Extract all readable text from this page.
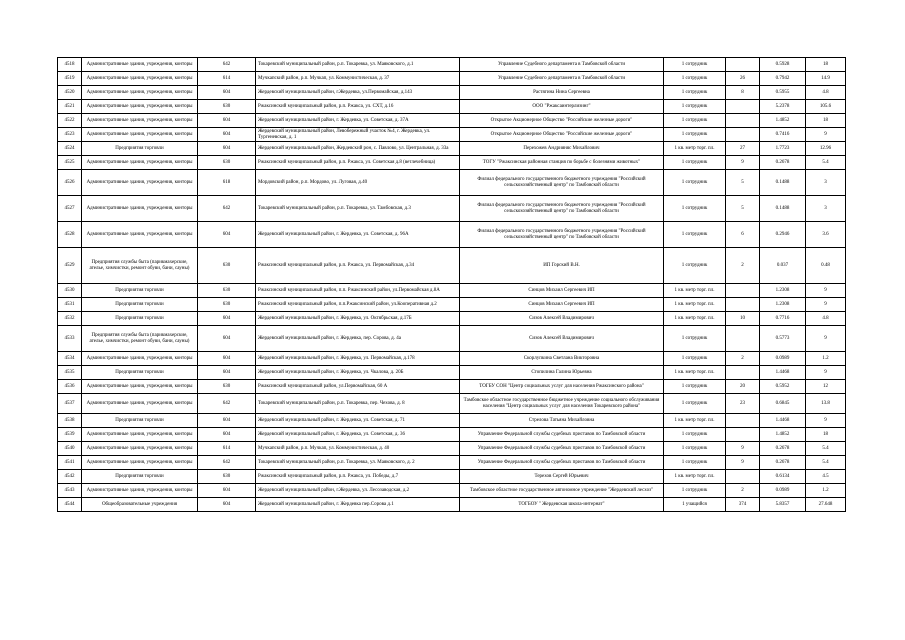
4518	Административные здания, учреждения, конторы	642	Токаревский муниципальный район, р.п. Токаревка, ул. Маяковского, д.1	Управление Судебного департамента в Тамбовской области	1 сотрудник		0.5928	18
4519	Административные здания, учреждения, конторы	614	Мучкапский район, р.п. Мучкап, ул. Коммунистическая, д. 37	Управление Судебного департамента в Тамбовской области	1 сотрудник	26	0.7942	14.9
4520	Административные здания, учреждения, конторы	604	Жердевский муниципальный район, г.Жердевка, ул.Первомайская, д.143	Растягина Нина Сергеевна	1 сотрудник	8	0.5955	4.8
4521	Административные здания, учреждения, конторы	630	Ржаксинский муниципальный район, р.п. Ржакса, ул. СХТ, д.16	ООО "Ржаксаинтерлизинг"	1 сотрудник		5.2378	105.6
4522	Административные здания, учреждения, конторы	604	Жердевский муниципальный район, г. Жердевка, ул. Советская, д. 37А	Открытое Акционерное Общество "Российские железные дороги"	1 сотрудник		1.4852	18
4523	Административные здания, учреждения, конторы	604	Жердевский муниципальный район, Левобережный участок №4, г. Жердевка, ул. Тургеневская, д. 1	Открытое Акционерное Общество "Российские железные дороги"	1 сотрудник		0.7416	9
4524	Предприятия торговли	604	Жердевский муниципальный район, Жердевский рон, с. Павлово, ул. Центральная, д. 33а	Перехожев Андрияняс Михайлович	1 кв. метр торг. пл.	27	1.7723	12.96
4525	Административные здания, учреждения, конторы	630	Ржаксинский муниципальный район, р.п. Ржакса, ул. Советская д.8 (ветлечебница)	ТОГУ "Ржаксинская районная станция по борьбе с болезнями животных"	1 сотрудник	9	0.2678	5.4
4526	Административные здания, учреждения, конторы	618	Мордовский район, р.п. Мордово, ул. Луговая, д.40	Филиал федерального государственного бюджетного учреждения "Российский сельскохозяйственный центр" по Тамбовской области	1 сотрудник	5	0.1488	3
4527	Административные здания, учреждения, конторы	642	Токаревский муниципальный район, р.п. Токаревка, ул. Тамбовская, д.3	Филиал федерального государственного бюджетного учреждения "Российский сельскохозяйственный центр" по Тамбовской области	1 сотрудник	5	0.1488	3
4528	Административные здания, учреждения, конторы	604	Жердевский муниципальный район, г. Жердевка, ул. Советская, д. 96А	Филиал федерального государственного бюджетного учреждения "Российский сельскохозяйственный центр" по Тамбовской области	1 сотрудник	6	0.2946	3.6
4529	Предприятия службы быта (парикмахерские, ателье, химчистки, ремонт обуви, бани, сауны)	630	Ржаксинский муниципальный район, р.п. Ржакса, ул. Первомайская, д.34	ИП Горский В.Н.	1 сотрудник	2	0.037	0.48
4530	Предприятия торговли	630	Ржаксинский муниципальный район, п.п. Ржаксинский район, ул.Первомайская д.8А	Синцов Михаил Сергеевич ИП	1 кв. метр торг. пл.		1.2308	9
4531	Предприятия торговли	630	Ржаксинский муниципальный район, п.п.Ржаксинский район, ул.Кооперативная д.2	Синцов Михаил Сергеевич ИП	1 кв. метр торг. пл.		1.2308	9
4532	Предприятия торговли	604	Жердевский муниципальный район, г. Жердевка, ул. Октябрьская, д.17Б	Сизов Алексей Владимирович	1 кв. метр торг. пл.	10	0.7716	4.8
4533	Предприятия службы быта (парикмахерские, ателье, химчистки, ремонт обуви, бани, сауны)	604	Жердевский муниципальный район, г. Жердевка, пер. Сорова, д. 4а	Сизов Алексей Владимирович	1 сотрудник		0.5773	9
4534	Административные здания, учреждения, конторы	604	Жердевский муниципальный район, г. Жердевка, ул. Первомайская, д.178	Скорлупкина Светлана Викторовна	1 сотрудник	2	0.0989	1.2
4535	Предприятия торговли	604	Жердевский муниципальный район, г. Жердевка, ул. Чкалова, д. 20Б	Стопилина Галина Юрьевна	1 кв. метр торг. пл.		1.4468	9
4536	Административные здания, учреждения, конторы	630	Ржаксинский муниципальный район, ул.Первомайская, 60 А	ТОГБУ СОН "Центр социальных услуг для населения Ржаксинского района"	1 сотрудник	20	0.5952	12
4537	Административные здания, учреждения, конторы	642	Токаревский муниципальный район, р.п. Токаревка, пер. Чехова, д. 8	Тамбовское областное государственное бюджетное учреждение социального обслуживания населения "Центр социальных услуг для населения Токаревского района"	1 сотрудник	23	0.6845	13.8
4538	Предприятия торговли	604	Жердевский муниципальный район, г. Жердевка, ул. Советская, д. 71	Стрелова Татьяна Михайловна	1 кв. метр торг. пл.		1.4468	9
4539	Административные здания, учреждения, конторы	604	Жердевский муниципальный район, г. Жердевка, ул. Советская, д. 36	Управление Федеральной службы судебных приставов по Тамбовской области	1 сотрудник		1.4852	18
4540	Административные здания, учреждения, конторы	614	Мучкапский район, р.п. Мучкап, ул. Коммунистическая, д. 40	Управление Федеральной службы судебных приставов по Тамбовской области	1 сотрудник	9	0.2678	5.4
4541	Административные здания, учреждения, конторы	642	Токаревский муниципальный район, р.п. Токаревка, ул. Маяковского, д. 2	Управление Федеральной службы судебных приставов по Тамбовской области	1 сотрудник	9	0.2678	5.4
4542	Предприятия торговли	630	Ржаксинский муниципальный район, р.п. Ржакса, ул. Победы, д.7	Терехов Сергей Юрьевич	1 кв. метр торг. пл.		0.6134	4.5
4543	Административные здания, учреждения, конторы	604	Жердевский муниципальный район, г.Жердевка, ул. Лесозаводская, д.2	Тамбовское областное государственное автономное учреждение "Жердевский лесхоз"	1 сотрудник	2	0.0989	1.2
4544	Общеобразовательные учреждения	604	Жердевский муниципальный район, г. Жердевка пер.Сорова д.1	ТОГБОУ " Жердевская школа-интернат"	1 учащийся	374	5.8357	27.648
